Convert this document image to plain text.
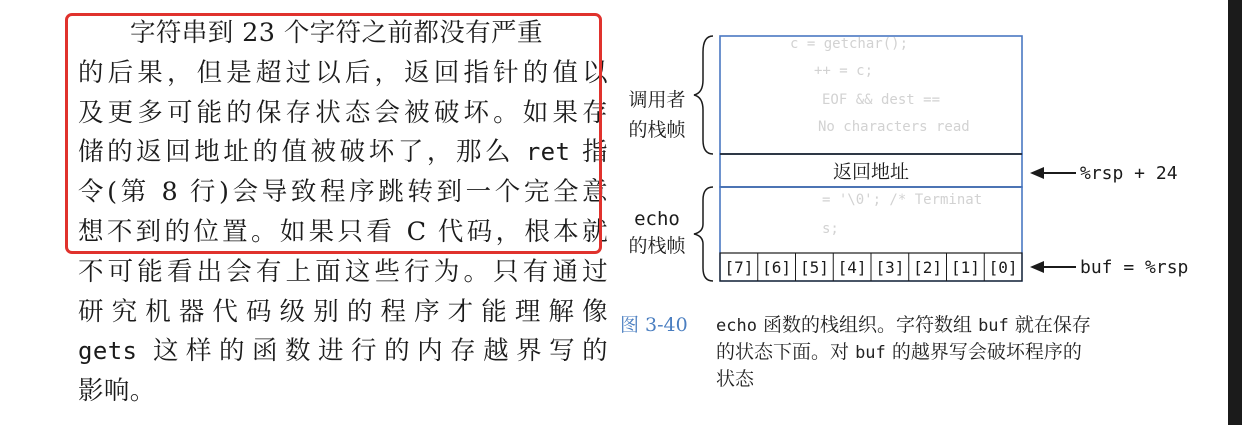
字符串到 23 个字符之前都没有严重
的后果，但是超过以后，返回指针的值以
及更多可能的保存状态会被破坏。如果存
储的返回地址的值被破坏了，那么 ret 指
令(第 8 行)会导致程序跳转到一个完全意
想不到的位置。如果只看 C 代码，根本就
不可能看出会有上面这些行为。只有通过
研究机器代码级别的程序才能理解像
gets 这样的函数进行的内存越界写的
影响。
c = getchar();
++ = c;
EOF && dest ==
No characters read
= '\0'; /* Terminat
s;
返回地址
[7] [6] [5] [4] [3] [2] [1] [0]
调用者
的栈帧
echo
的栈帧
%rsp + 24
buf = %rsp
图 3-40 echo 函数的栈组织。字符数组 buf 就在保存
的状态下面。对 buf 的越界写会破坏程序的
状态
